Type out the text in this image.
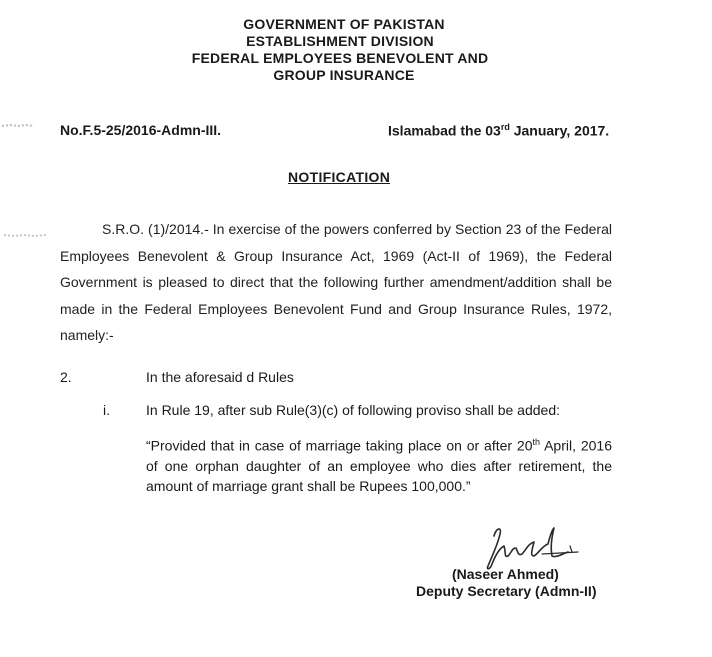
GOVERNMENT OF PAKISTAN
ESTABLISHMENT DIVISION
FEDERAL EMPLOYEES BENEVOLENT AND
GROUP INSURANCE
No.F.5-25/2016-Admn-III.	Islamabad the 03rd January, 2017.
NOTIFICATION
S.R.O. (1)/2014.- In exercise of the powers conferred by Section 23 of the Federal Employees Benevolent & Group Insurance Act, 1969 (Act-II of 1969), the Federal Government is pleased to direct that the following further amendment/addition shall be made in the Federal Employees Benevolent Fund and Group Insurance Rules, 1972, namely:-
2.	In the aforesaid d Rules
i.	In Rule 19, after sub Rule(3)(c) of following proviso shall be added:
“Provided that in case of marriage taking place on or after 20th April, 2016 of one orphan daughter of an employee who dies after retirement, the amount of marriage grant shall be Rupees 100,000.”
(Naseer Ahmed)
Deputy Secretary (Admn-II)
